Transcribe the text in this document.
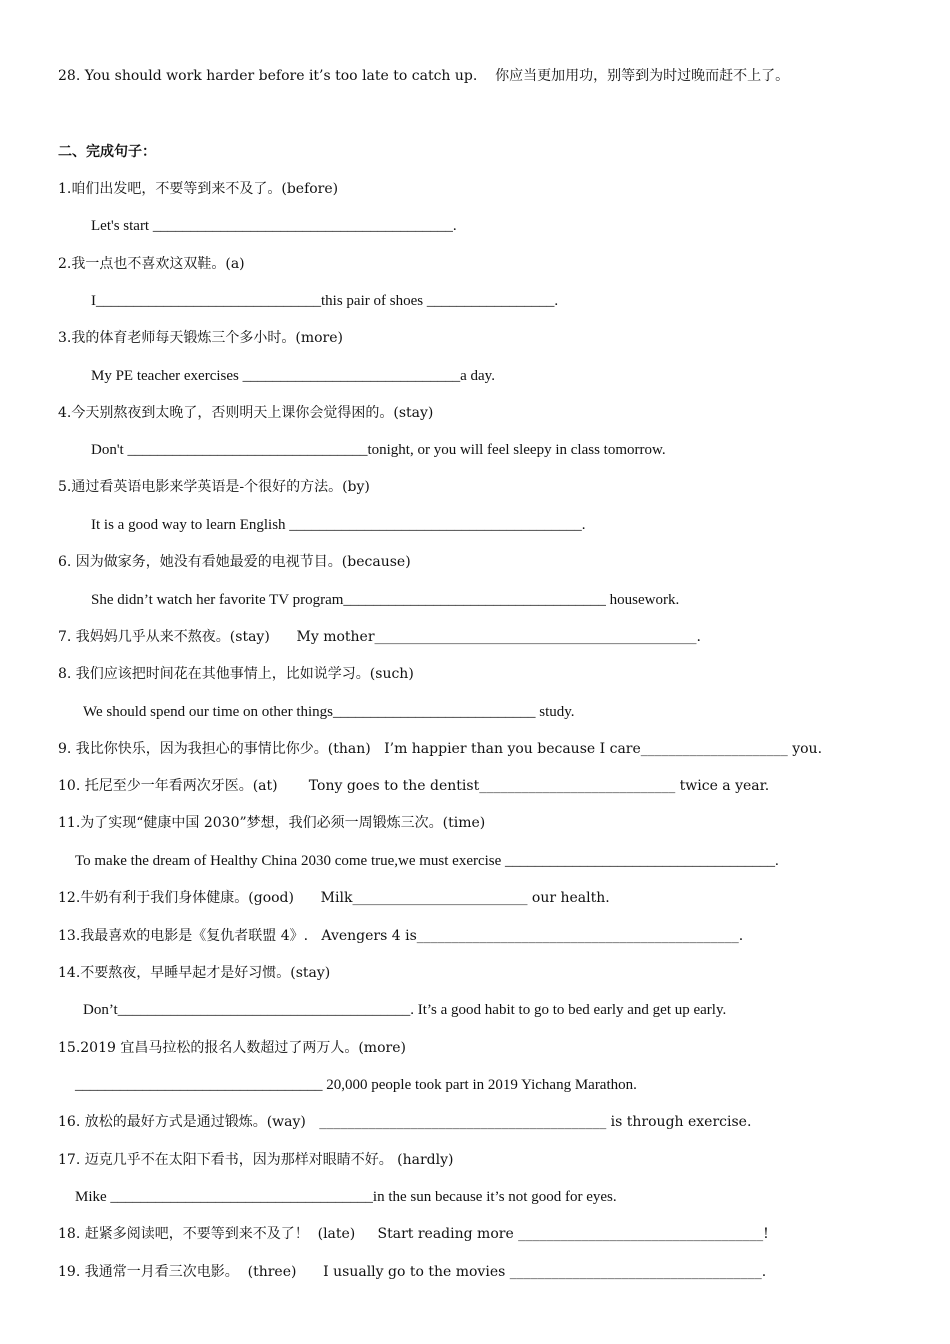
28. You should work harder before it’s too late to catch up.    你应当更加用功，别等到为时过晚而赶不上了。
二、完成句子：
1.咱们出发吧，不要等到来不及了。(before)
Let's start ________________________________________.
2.我一点也不喜欢这双鞋。(a)
I______________________________this pair of shoes _________________.
3.我的体育老师每天锻炼三个多小时。(more)
My PE teacher exercises _____________________________a day.
4.今天别熬夜到太晚了，否则明天上课你会觉得困的。(stay)
Don't ________________________________tonight, or you will feel sleepy in class tomorrow.
5.通过看英语电影来学英语是-个很好的方法。(by)
It is a good way to learn English _______________________________________.
6. 因为做家务，她没有看她最爱的电视节目。(because)
She didn’t watch her favorite TV program___________________________________ housework.
7. 我妈妈几乎从来不熬夜。(stay)      My mother______________________________________________.
8. 我们应该把时间花在其他事情上，比如说学习。(such)
We should spend our time on other things___________________________ study.
9. 我比你快乐，因为我担心的事情比你少。(than)   I’m happier than you because I care_____________________ you.
10. 托尼至少一年看两次牙医。(at)       Tony goes to the dentist____________________________ twice a year.
11.为了实现“健康中国 2030”梦想，我们必须一周锻炼三次。(time)
To make the dream of Healthy China 2030 come true,we must exercise ____________________________________.
12.牛奶有利于我们身体健康。(good)      Milk_________________________ our health.
13.我最喜欢的电影是《复仇者联盟 4》.   Avengers 4 is______________________________________________.
14.不要熬夜，早睡早起才是好习惯。(stay)
Don’t_______________________________________. It’s a good habit to go to bed early and get up early.
15.2019 宜昌马拉松的报名人数超过了两万人。(more)
_________________________________ 20,000 people took part in 2019 Yichang Marathon.
16. 放松的最好方式是通过锻炼。(way)   _________________________________________ is through exercise.
17. 迈克几乎不在太阳下看书，因为那样对眼睛不好。 (hardly)
Mike ___________________________________in the sun because it’s not good for eyes.
18. 赶紧多阅读吧，不要等到来不及了！  (late)     Start reading more ___________________________________!
19. 我通常一月看三次电影。  (three)      I usually go to the movies ____________________________________.
